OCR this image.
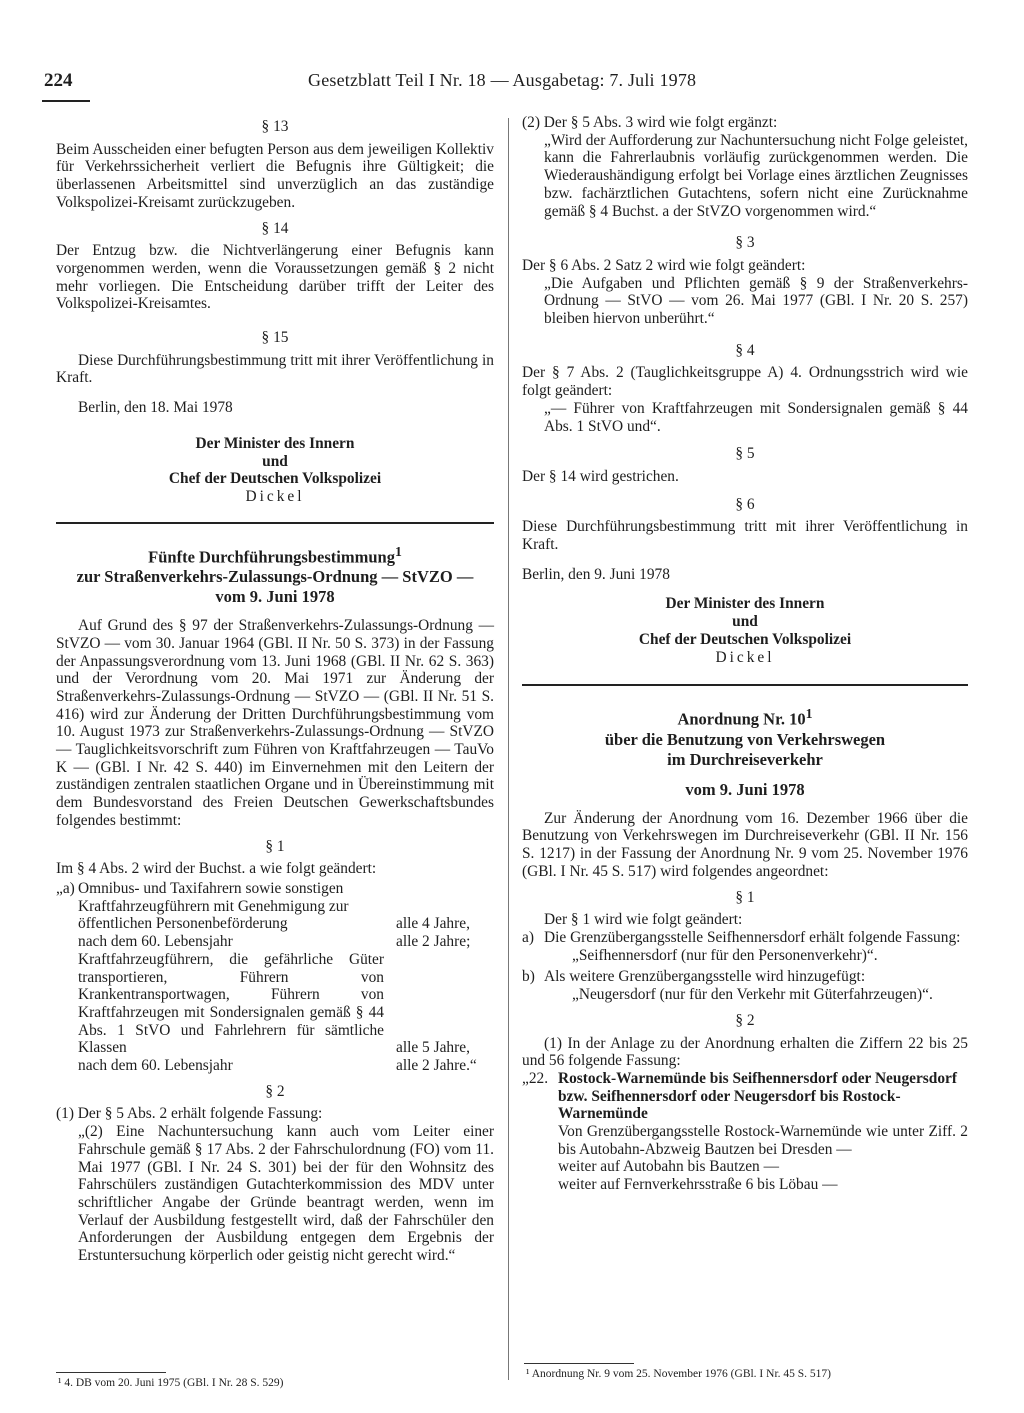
224	Gesetzblatt Teil I Nr. 18 — Ausgabetag: 7. Juli 1978

§ 13

Beim Ausscheiden einer befugten Person aus dem jeweiligen Kollektiv für Verkehrssicherheit verliert die Befugnis ihre Gültigkeit; die überlassenen Arbeitsmittel sind unverzüglich an das zuständige Volkspolizei-Kreisamt zurückzugeben.

§ 14

Der Entzug bzw. die Nichtverlängerung einer Befugnis kann vorgenommen werden, wenn die Voraussetzungen gemäß § 2 nicht mehr vorliegen. Die Entscheidung darüber trifft der Leiter des Volkspolizei-Kreisamtes.

§ 15

Diese Durchführungsbestimmung tritt mit ihrer Veröffentlichung in Kraft.

Berlin, den 18. Mai 1978

Der Minister des Innern

und

Chef der Deutschen Volkspolizei

Dickel

Fünfte Durchführungsbestimmung$^1$

zur Straßenverkehrs-Zulassungs-Ordnung — StVZO —

vom 9. Juni 1978

Auf Grund des § 97 der Straßenverkehrs-Zulassungs-Ordnung — StVZO — vom 30. Januar 1964 (GBl. II Nr. 50 S. 373) in der Fassung der Anpassungsverordnung vom 13. Juni 1968 (GBl. II Nr. 62 S. 363) und der Verordnung vom 20. Mai 1971 zur Änderung der Straßenverkehrs-Zulassungs-Ordnung — StVZO — (GBl. II Nr. 51 S. 416) wird zur Änderung der Dritten Durchführungsbestimmung vom 10. August 1973 zur Straßenverkehrs-Zulassungs-Ordnung — StVZO — Tauglichkeitsvorschrift zum Führen von Kraftfahrzeugen — TauVo K — (GBl. I Nr. 42 S. 440) im Einvernehmen mit den Leitern der zuständigen zentralen staatlichen Organe und in Übereinstimmung mit dem Bundesvorstand des Freien Deutschen Gewerkschaftsbundes folgendes bestimmt:

§ 1

Im § 4 Abs. 2 wird der Buchst. a wie folgt geändert:

„a) Omnibus- und Taxifahrern sowie sonstigen Kraftfahrzeugführern mit Genehmigung zur öffentlichen Personenbeförderung	alle 4 Jahre,
nach dem 60. Lebensjahr	alle 2 Jahre;
Kraftfahrzeugführern, die gefährliche Güter transportieren, Führern von Krankentransportwagen, Führern von Kraftfahrzeugen mit Sondersignalen gemäß § 44 Abs. 1 StVO und Fahrlehrern für sämtliche Klassen	alle 5 Jahre,
nach dem 60. Lebensjahr	alle 2 Jahre.“

§ 2

(1) Der § 5 Abs. 2 erhält folgende Fassung:

„(2) Eine Nachuntersuchung kann auch vom Leiter einer Fahrschule gemäß § 17 Abs. 2 der Fahrschulordnung (FO) vom 11. Mai 1977 (GBl. I Nr. 24 S. 301) bei der für den Wohnsitz des Fahrschülers zuständigen Gutachterkommission des MDV unter schriftlicher Angabe der Gründe beantragt werden, wenn im Verlauf der Ausbildung festgestellt wird, daß der Fahrschüler den Anforderungen der Ausbildung entgegen dem Ergebnis der Erstuntersuchung körperlich oder geistig nicht gerecht wird.“

¹ 4. DB vom 20. Juni 1975 (GBl. I Nr. 28 S. 529)

(2) Der § 5 Abs. 3 wird wie folgt ergänzt:

„Wird der Aufforderung zur Nachuntersuchung nicht Folge geleistet, kann die Fahrerlaubnis vorläufig zurückgenommen werden. Die Wiederaushändigung erfolgt bei Vorlage eines ärztlichen Zeugnisses bzw. fachärztlichen Gutachtens, sofern nicht eine Zurücknahme gemäß § 4 Buchst. a der StVZO vorgenommen wird.“

§ 3

Der § 6 Abs. 2 Satz 2 wird wie folgt geändert:

„Die Aufgaben und Pflichten gemäß § 9 der Straßenverkehrs-Ordnung — StVO — vom 26. Mai 1977 (GBl. I Nr. 20 S. 257) bleiben hiervon unberührt.“

§ 4

Der § 7 Abs. 2 (Tauglichkeitsgruppe A) 4. Ordnungsstrich wird wie folgt geändert:

„— Führer von Kraftfahrzeugen mit Sondersignalen gemäß § 44 Abs. 1 StVO und“.

§ 5

Der § 14 wird gestrichen.

§ 6

Diese Durchführungsbestimmung tritt mit ihrer Veröffentlichung in Kraft.

Berlin, den 9. Juni 1978

Der Minister des Innern

und

Chef der Deutschen Volkspolizei

Dickel

Anordnung Nr. $10^1$

über die Benutzung von Verkehrswegen

im Durchreiseverkehr

vom 9. Juni 1978

Zur Änderung der Anordnung vom 16. Dezember 1966 über die Benutzung von Verkehrswegen im Durchreiseverkehr (GBl. II Nr. 156 S. 1217) in der Fassung der Anordnung Nr. 9 vom 25. November 1976 (GBl. I Nr. 45 S. 517) wird folgendes angeordnet:

§ 1

Der § 1 wird wie folgt geändert:

a) Die Grenzübergangsstelle Seifhennersdorf erhält folgende Fassung:

„Seifhennersdorf (nur für den Personenverkehr)“.

b) Als weitere Grenzübergangsstelle wird hinzugefügt:

„Neugersdorf (nur für den Verkehr mit Güterfahrzeugen)“.

§ 2

(1) In der Anlage zu der Anordnung erhalten die Ziffern 22 bis 25 und 56 folgende Fassung:

„22. Rostock-Warnemünde bis Seifhennersdorf oder Neugersdorf bzw. Seifhennersdorf oder Neugersdorf bis Rostock-Warnemünde

Von Grenzübergangsstelle Rostock-Warnemünde wie unter Ziff. 2 bis Autobahn-Abzweig Bautzen bei Dresden —

weiter auf Autobahn bis Bautzen —

weiter auf Fernverkehrsstraße 6 bis Löbau —

¹ Anordnung Nr. 9 vom 25. November 1976 (GBl. I Nr. 45 S. 517)
